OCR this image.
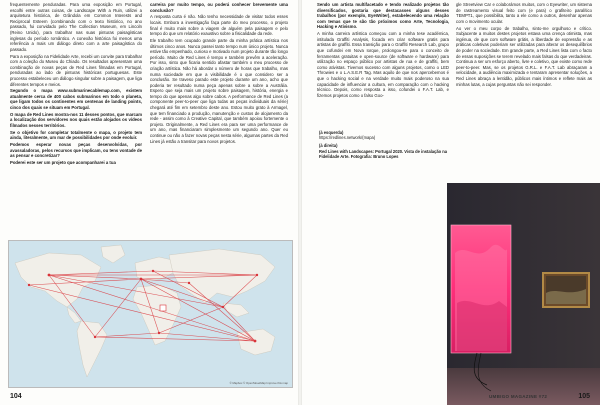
frequentemente penduradas. Para uma exposição em Portugal, escolhi entre outras coisas, de Landscape With a Ruin, utilizei a arquitetura histórica, de Grândola em Common Interests and Reciprocal Esteem (combinando com o texto histórico, no ano passado, fui convidado pelo The Collection Museum, em Lincoln (Reino Unido), para trabalhar nas suas pinturas paisagísticas inglesas do período romântico. A conexão histórica foi menos uma referência a mais um diálogo direto com a arte paisagística do passado.

Para a exposição na Fidelidade Arte, recebi um convite para trabalhar com a coleção do Museu do Chiado. Os resultados apresentam uma combinação de novas peças de Red Lines filmadas em Portugal, penduradas ao lado de pinturas históricas portuguesas. Este processo estabeleceu um diálogo singular sobre a paisagem, que liga diferentes tempos e meios.

Segundo o mapa www.submarinecablemap.com, existem atualmente cerca de 400 cabos submarinos em todo o planeta, que ligam todos os continentes em centenas de landing points, cinco dos quais se situam em Portugal.

O mapa de Red Lines mostra-nos 11 desses pontos, que marcam a localização dos servidores nos quais estão alojados os vídeos filmados nesses territórios.

Se o objetivo for completar totalmente o mapa, o projeto tem ainda, literalmente, um mar de possibilidades por onde evoluir.

Podemos esperar novas peças desenvolvidas, por avassaladoras, pelos recursos que implicam, ou tens vontade de as pensar e concretizar?

Poderei este ser um projeto que acompanharei a tua

carreira por muito tempo, ou poderá conhecer brevemente uma conclusão?

A resposta curta é não. Não tenho necessidade de visitar todos esses locais. Embora a investigação faça parte do meu processo, o projeto final é muito mais sobre a viagem de alguém pela paisagem e pelo tempo do que um relatório exaustivo sobre a fisicalidade da rede.

Ele trabalho tem ocupado grande parte da minha prática artística nos últimos cinco anos. Nunca passei tanto tempo num único projeto. Nunca estive tão empenhado, curioso e motivado num projeto durante tão longo período. Muito de Red Lines é tempo e também prevêm a aceleração. Por isso, sinto que ficaria sentido afastar também o meu processo de criação artística. Não há abordar o número de horas que trabalho, mas numa sociedade em que a visibilidade é o que considero ser a conclusão. Se traveso parado este projeto durante um ano, acho que poderia ter resultado numa peça apenas sobre a sobre a Austrália. Espero que seja mais um projeto sobre paisagem, história, energia e tempo do que apenas algo sobre cabos. A performance de Red Lines (a componente peer-to-peer que liga todas as peças individuais da série) chegará até fim em setembro deste ano. Estou muito grato à Armagel, que tem financiado a produção, manutenção e custos de alojamento da rede - assim como à Creative Capital, que também apoiou fortemente o projeto. Originalmente, a Red Lines era para ser uma performance de um ano, mas financiaram simplesmente um segundo ano. Quer eu continue ou não a fazer novas peças nesta série, algumas partes da Red Lines já estão a transitar para novos projetos.

© Mapbox © OpenStreetMap Improve this map
104

Sendo um artista multifacetado e tendo realizado projetos tão diversificados, gostaria que destacasses alguns desses trabalhos (por exemplo, EyeWriter), estabelecendo uma relação com temas que te são tão próximos como Arte, Tecnologia, Hacking e Ativismo.

A minha carreira artística começou com a minha tese académica, intitulada Graffiti Analysis, focada em criar software gratis para artistas de graffiti. Essa transição para o Graffiti Research Lab, grupo que cofundei em Nova Iorque, prolongou-se para o conceito de ferramentas gratuitas e open-source (de software e hardware) para utilização no espaço público por artistas de rua e de graffiti, bem como ativistas. Tivemos sucesso com alguns projetos, como o LED Throwies e o L.A.S.E.R Tag. Mas aquilo de que nos apercebemos é que o hacking social e na verdade muito mais poderoso na sua capacidade de influenciar a cultura, em comparação com o hacking técnico. Depois, como resposta a isso, cofundei o F.A.T. Lab, e fizemos projetos como o falso Goo-

(à esquerda)
https://redlines.network/(mapa)
(à direita)
Red Lines with Landscapes: Portugal 2020. Vista de instalação na Fidelidade Arte. Fotografia: Bruno Lopes

gle Streetview Car e colaborámos muitos, com o Eyewriter, um sistema de rastreamento visual feito com (e para) o grafiteiro paralítico TEMPT1, que possibilita, tanto a ele como a outros, desenhar apenas com o movimento ocular.

Ao ver o meu corpo de trabalho, sinto-me orgulhoso e crítico. Subjacente a muitos destes projetos estava uma crença otimista, mas ingénua, de que com software grátis, a liberdade de expressão e as práticas coletivas poderiam ser utilizadas para alterar os desequilíbrios de poder na sociedade. Em grande parte, a Red Lines lista com o facto de essas suposições se terem revelado mais falsas do que verdadeiras. Continua a ser um esforço aberto, livre e coletivo, que existe como rede peer-to-peer. Mas, se os projetos G.R.L. e F.A.T. Lab abraçaram a velocidade, a audiência maximizada e tentaram apresentar soluções, a Red Lines abraça a lentidão, públicos mais íntimos e reflete mais as minhas lutas, a cujas perguntas não sei responder.

UMBIGO MAGAZINE #72	105
